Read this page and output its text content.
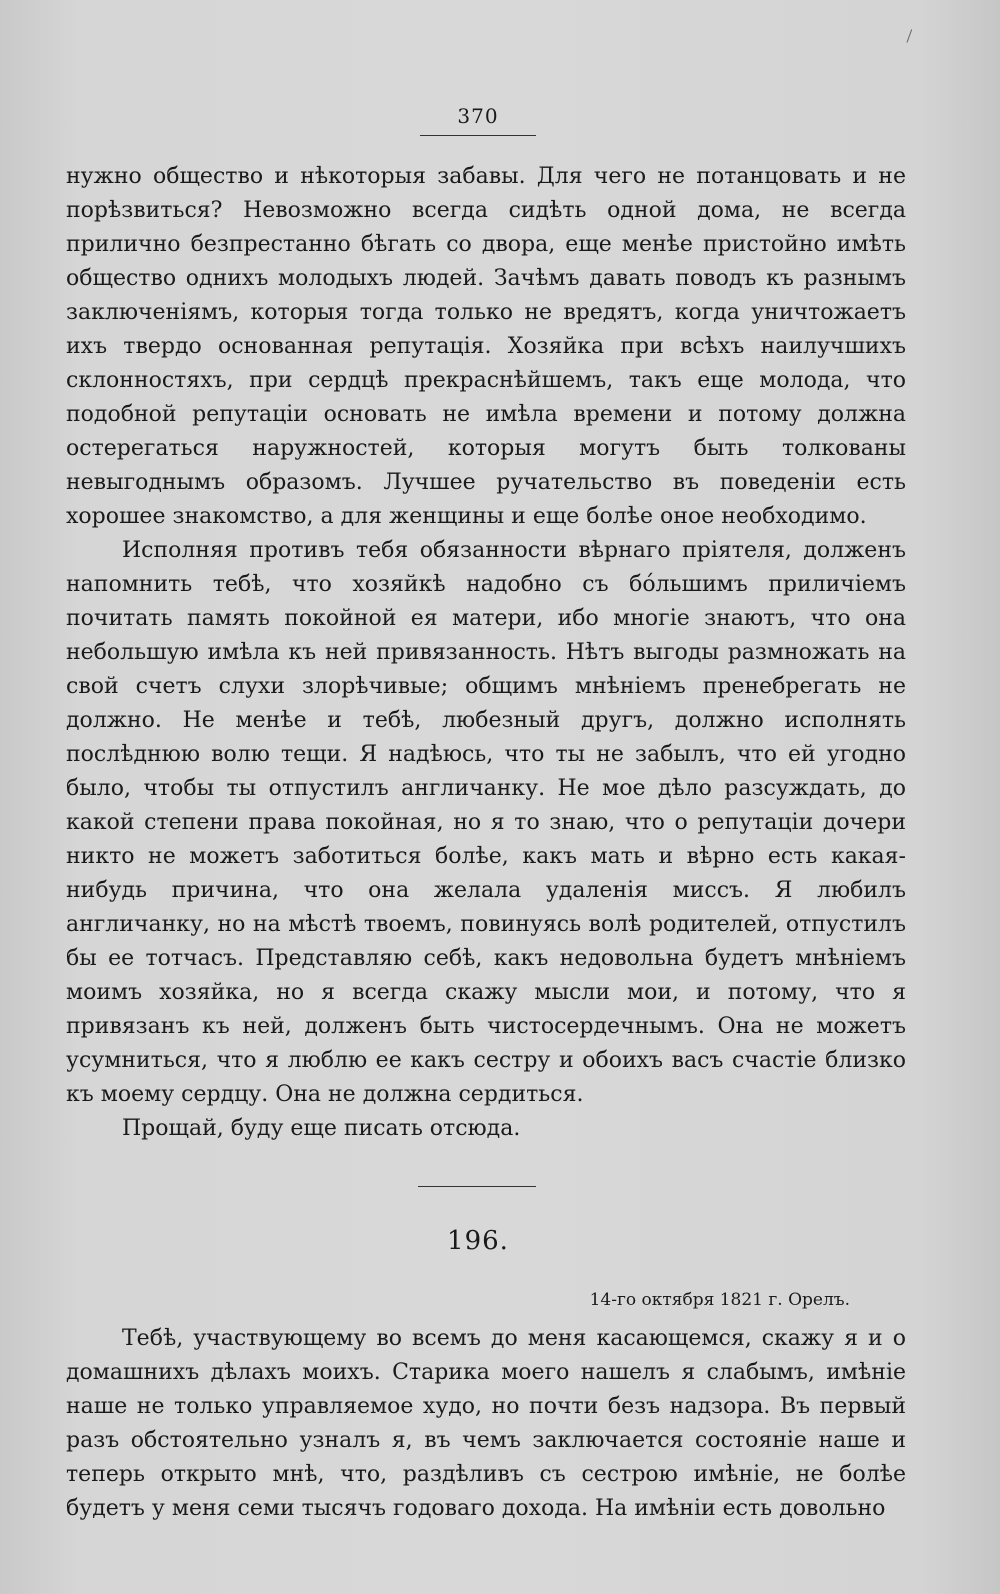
370

нужно общество и нѣкоторыя забавы. Для чего не потанцовать и не порѣзвиться? Невозможно всегда сидѣть одной дома, не всегда прилично безпрестанно бѣгать со двора, еще менѣе пристойно имѣть общество однихъ молодыхъ людей. Зачѣмъ давать поводъ къ разнымъ заключенiямъ, которыя тогда только не вредятъ, когда уничтожаетъ ихъ твердо основанная репутацiя. Хозяйка при всѣхъ наилучшихъ склонностяхъ, при сердцѣ прекраснѣйшемъ, такъ еще молода, что подобной репутацiи основать не имѣла времени и потому должна остерегаться наружностей, которыя могутъ быть толкованы невыгоднымъ образомъ. Лучшее ручательство въ поведенiи есть хорошее знакомство, а для женщины и еще болѣе оное необходимо.

Исполняя противъ тебя обязанности вѣрнаго прiятеля, долженъ напомнить тебѣ, что хозяйкѣ надобно съ бо́льшимъ приличiемъ почитать память покойной ея матери, ибо многiе знаютъ, что она небольшую имѣла къ ней привязанность. Нѣтъ выгоды размножать на свой счетъ слухи злорѣчивые; общимъ мнѣнiемъ пренебрегать не должно. Не менѣе и тебѣ, любезный другъ, должно исполнять послѣднюю волю тещи. Я надѣюсь, что ты не забылъ, что ей угодно было, чтобы ты отпустилъ англичанку. Не мое дѣло разсуждать, до какой степени права покойная, но я то знаю, что о репутацiи дочери никто не можетъ заботиться болѣе, какъ мать и вѣрно есть какая-нибудь причина, что она желала удаленiя миссъ. Я любилъ англичанку, но на мѣстѣ твоемъ, повинуясь волѣ родителей, отпустилъ бы ее тотчасъ. Представляю себѣ, какъ недовольна будетъ мнѣнiемъ моимъ хозяйка, но я всегда скажу мысли мои, и потому, что я привязанъ къ ней, долженъ быть чистосердечнымъ. Она не можетъ усумниться, что я люблю ее какъ сестру и обоихъ васъ счастiе близко къ моему сердцу. Она не должна сердиться.

Прощай, буду еще писать отсюда.

196.
14-го октября 1821 г. Орелъ.

Тебѣ, участвующему во всемъ до меня касающемся, скажу я и о домашнихъ дѣлахъ моихъ. Старика моего нашелъ я слабымъ, имѣнiе наше не только управляемое худо, но почти безъ надзора. Въ первый разъ обстоятельно узналъ я, въ чемъ заключается состоянiе наше и теперь открыто мнѣ, что, раздѣливъ съ сестрою имѣнiе, не болѣе будетъ у меня семи тысячъ годоваго дохода. На имѣнiи есть довольно
